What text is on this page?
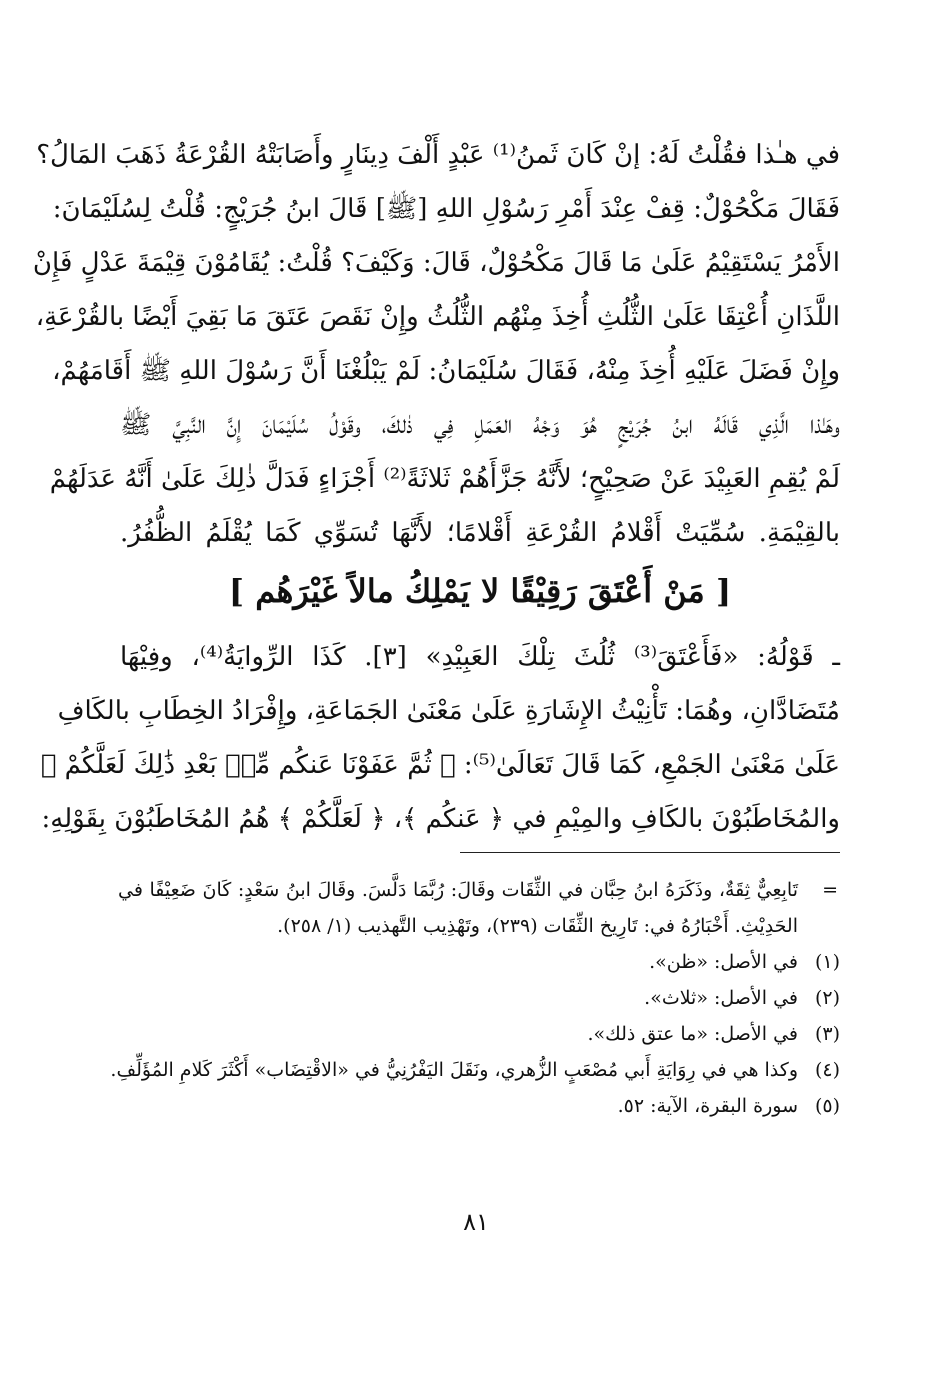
في هـٰذا فقُلْتُ لَهُ: إنْ كَانَ ثَمنُ⁽¹⁾ عَبْدٍ أَلْفَ دِينَارٍ وأَصَابَتْهُ القُرْعَةُ ذَهَبَ المَالُ؟
فَقَالَ مَكْحُوْلٌ: قِفْ عِنْدَ أَمْرِ رَسُوْلِ اللهِ [ﷺ] قَالَ ابنُ جُرَيْجٍ: قُلْتُ لِسُلَيْمَانَ:
الأَمْرُ يَسْتَقِيْمُ عَلَىٰ مَا قَالَ مَكْحُوْلٌ، قَالَ: وَكَيْفَ؟ قُلْتُ: يُقَامُوْنَ قِيْمَةَ عَدْلٍ فَإِنْ
اللَّذَانِ أُعْتِقَا عَلَىٰ الثُّلُثِ أُخِذَ مِنْهُم الثُّلُثُ وإِنْ نَقَصَ عَتَقَ مَا بَقِيَ أَيْضًا بالقُرْعَةِ،
وإِنْ فَضَلَ عَلَيْهِ أُخِذَ مِنْهُ، فَقَالَ سُلَيْمَانُ: لَمْ يَبْلُغْنَا أَنَّ رَسُوْلَ اللهِ ﷺ أَقَامَهُمْ،
وهَـٰذا الَّذِي قَالَهُ ابنُ جُرَيْجٍ هُوَ وَجْهُ العَمَلِ فِي ذٰلكَ، وقَوْلُ سُلَيْمَانَ إِنَّ النَّبِيَّ ﷺ
لَمْ يُقِمِ العَبِيْدَ عَنْ صَحِيْحٍ؛ لأَنَّهُ جَزَّأَهُمْ ثَلاثَةً⁽²⁾ أَجْزَاءٍ فَدَلَّ ذٰلِكَ عَلَىٰ أَنَّهُ عَدَلَهُمْ
بالقِيْمَةِ. سُمِّيَتْ أَقْلامُ القُرْعَةِ أَقْلامًا؛ لأَنَّهَا تُسَوِّي كَمَا يُقْلَمُ الظُّفُرُ.
[ مَنْ أَعْتَقَ رَقِيْقًا لا يَمْلِكُ مالاً غَيْرَهُم ]
ـ قَوْلُهُ: «فَأَعْتَقَ⁽³⁾ ثُلُثَ تِلْكَ العَبِيْدِ» [٣]. كَذَا الرِّوايَةُ⁽⁴⁾، وفِيْهَا
مُتَضَادَّانِ، وهُمَا: تَأْنِيْثُ الإِشَارَةِ عَلَىٰ مَعْنَىٰ الجَمَاعَةِ، وإِفْرَادُ الخِطَابِ بالكَافِ
عَلَىٰ مَعْنَىٰ الجَمْعِ، كَمَا قَالَ تَعَالَىٰ⁽⁵⁾: ﴿ ثُمَّ عَفَوْنَا عَنكُم مِّنۢ بَعْدِ ذَٰلِكَ لَعَلَّكُمْ ﴾
والمُخَاطَبُوْنَ بالكَافِ والمِيْمِ في ﴿ عَنكُم ﴾، ﴿ لَعَلَّكُمْ ﴾ هُمُ المُخَاطَبُوْنَ بِقَوْلِهِ:
=
تَابِعِيٌّ ثِقَةٌ، وذَكَرَهُ ابنُ حِبَّان في الثِّقَات وقَالَ: رُبَّمَا دَلَّسَ. وقَالَ ابنُ سَعْدٍ: كَانَ ضَعِيْفًا في
الحَدِيْثِ. أَخْبَارُهُ في: تَارِيخ الثِّقَات (٢٣٩)، وتَهْذِيب التَّهذيب (١/ ٢٥٨).
(١)
في الأصل: «ظن».
(٢)
في الأصل: «ثلاث».
(٣)
في الأصل: «ما عتق ذلك».
(٤)
وكذا هي في رِوَايَةِ أَبي مُصْعَبٍ الزُّهري، ونَقَلَ اليَفْرُنِيُّ في «الاقْتِضَاب» أَكْثَرَ كَلامِ المُؤَلِّفِ.
(٥)
سورة البقرة، الآية: ٥٢.
٨١
